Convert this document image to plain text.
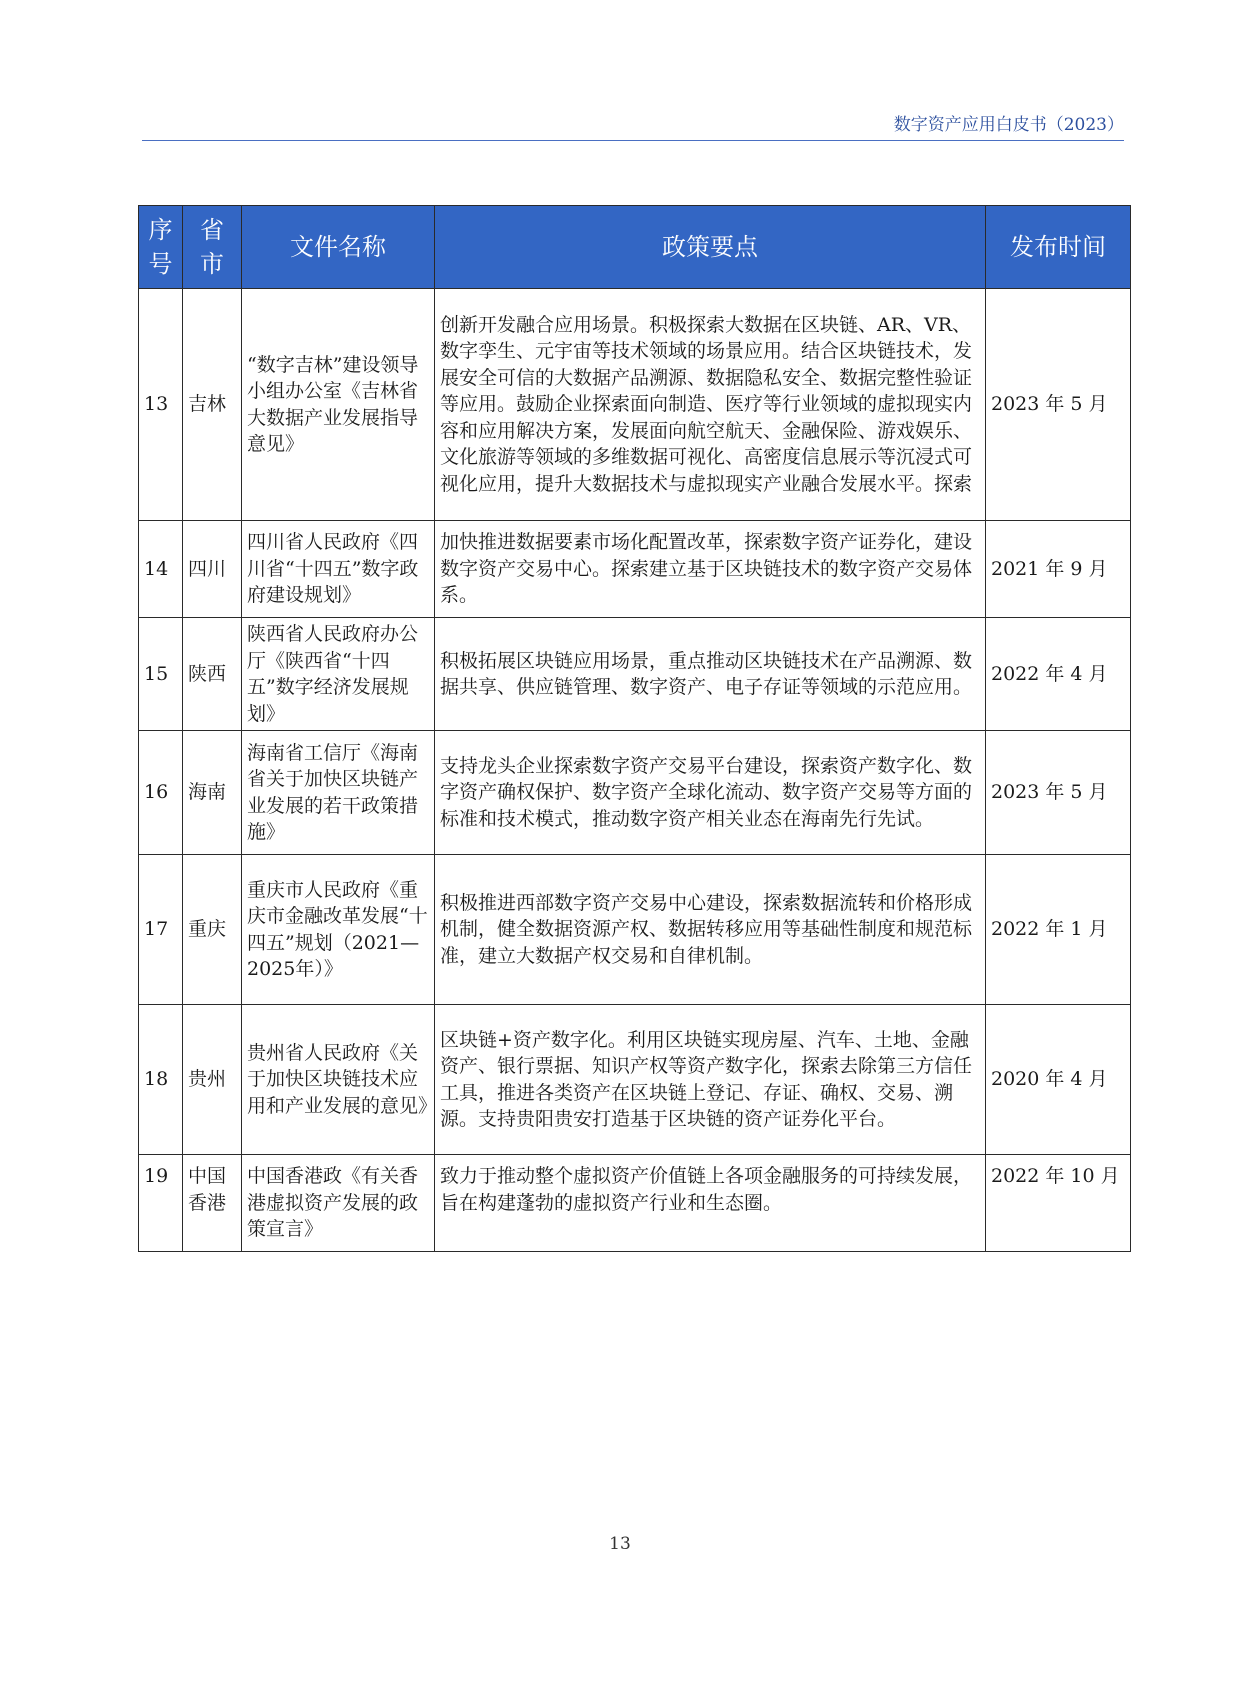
数字资产应用白皮书（2023）
序号	省市	文件名称	政策要点	发布时间
13	吉林	“数字吉林”建设领导小组办公室《吉林省大数据产业发展指导意见》	创新开发融合应用场景。积极探索大数据在区块链、AR、VR、数字孪生、元宇宙等技术领域的场景应用。结合区块链技术，发展安全可信的大数据产品溯源、数据隐私安全、数据完整性验证等应用。鼓励企业探索面向制造、医疗等行业领域的虚拟现实内容和应用解决方案，发展面向航空航天、金融保险、游戏娱乐、文化旅游等领域的多维数据可视化、高密度信息展示等沉浸式可视化应用，提升大数据技术与虚拟现实产业融合发展水平。探索	2023 年 5 月
14	四川	四川省人民政府《四川省“十四五”数字政府建设规划》	加快推进数据要素市场化配置改革，探索数字资产证券化，建设数字资产交易中心。探索建立基于区块链技术的数字资产交易体系。	2021 年 9 月
15	陕西	陕西省人民政府办公厅《陕西省“十四五”数字经济发展规划》	积极拓展区块链应用场景，重点推动区块链技术在产品溯源、数据共享、供应链管理、数字资产、电子存证等领域的示范应用。	2022 年 4 月
16	海南	海南省工信厅《海南省关于加快区块链产业发展的若干政策措施》	支持龙头企业探索数字资产交易平台建设，探索资产数字化、数字资产确权保护、数字资产全球化流动、数字资产交易等方面的标准和技术模式，推动数字资产相关业态在海南先行先试。	2023 年 5 月
17	重庆	重庆市人民政府《重庆市金融改革发展“十四五”规划（2021—2025年）》	积极推进西部数字资产交易中心建设，探索数据流转和价格形成机制，健全数据资源产权、数据转移应用等基础性制度和规范标准，建立大数据产权交易和自律机制。	2022 年 1 月
18	贵州	贵州省人民政府《关于加快区块链技术应用和产业发展的意见》	区块链+资产数字化。利用区块链实现房屋、汽车、土地、金融资产、银行票据、知识产权等资产数字化，探索去除第三方信任工具，推进各类资产在区块链上登记、存证、确权、交易、溯源。支持贵阳贵安打造基于区块链的资产证券化平台。	2020 年 4 月
19	中国香港	中国香港政《有关香港虚拟资产发展的政策宣言》	致力于推动整个虚拟资产价值链上各项金融服务的可持续发展，旨在构建蓬勃的虚拟资产行业和生态圈。	2022 年 10 月
13
